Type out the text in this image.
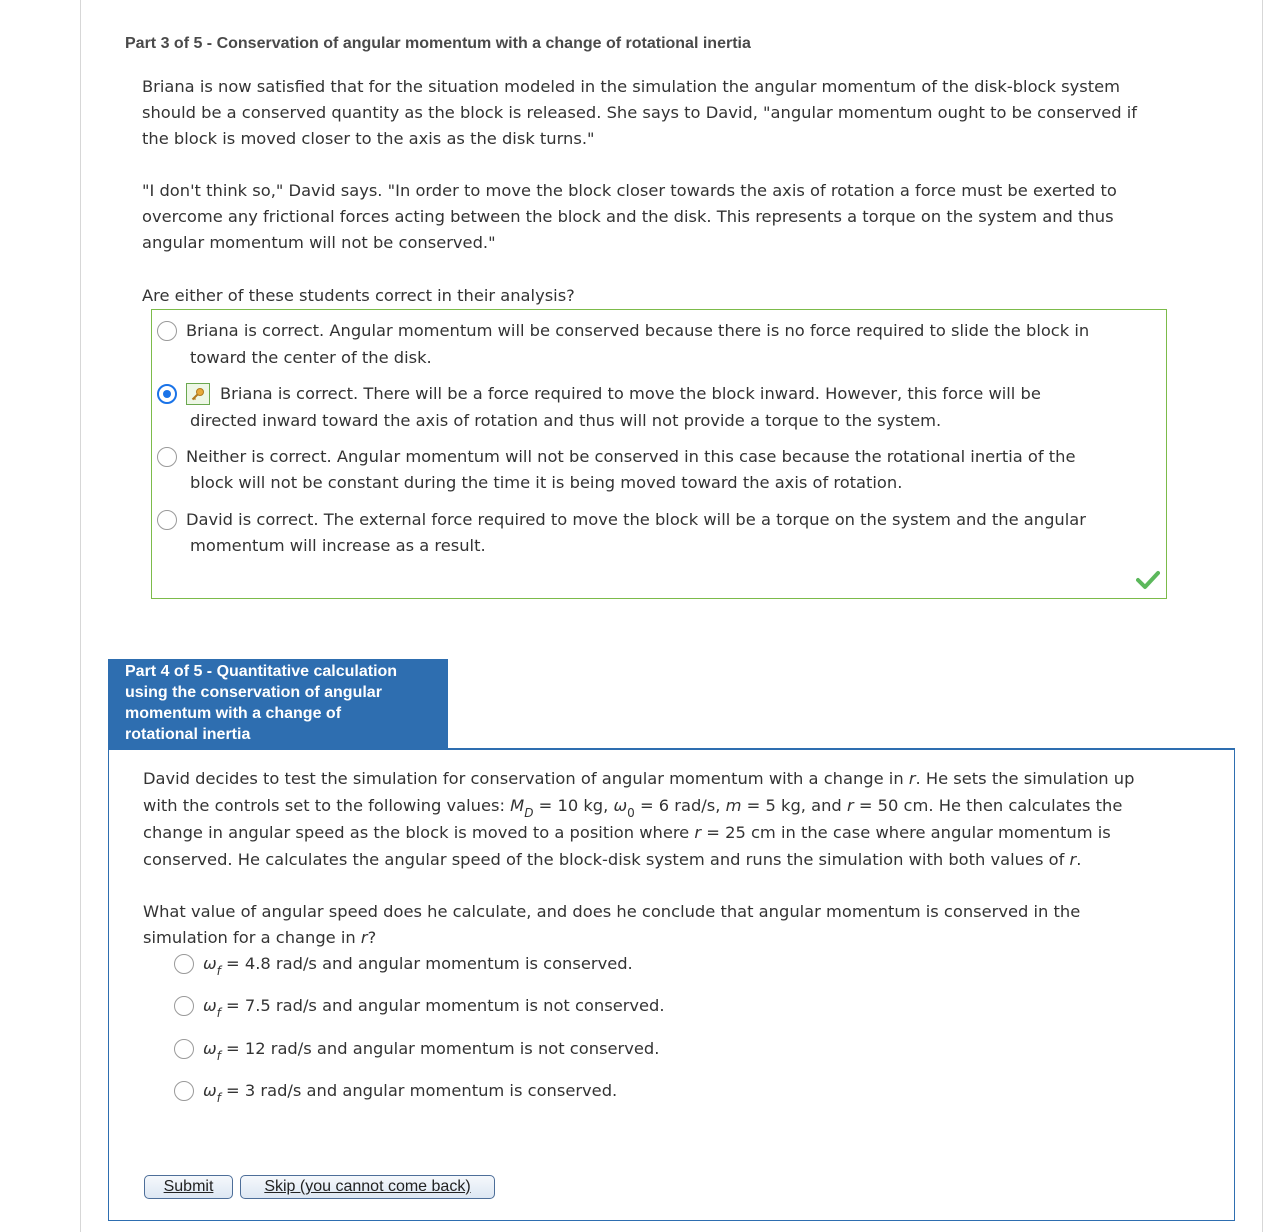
Part 3 of 5 - Conservation of angular momentum with a change of rotational inertia
Briana is now satisfied that for the situation modeled in the simulation the angular momentum of the disk-block system
should be a conserved quantity as the block is released. She says to David, "angular momentum ought to be conserved if
the block is moved closer to the axis as the disk turns."
"I don't think so," David says. "In order to move the block closer towards the axis of rotation a force must be exerted to
overcome any frictional forces acting between the block and the disk. This represents a torque on the system and thus
angular momentum will not be conserved."
Are either of these students correct in their analysis?
Briana is correct. Angular momentum will be conserved because there is no force required to slide the block in
toward the center of the disk.
Briana is correct. There will be a force required to move the block inward. However, this force will be
directed inward toward the axis of rotation and thus will not provide a torque to the system.
Neither is correct. Angular momentum will not be conserved in this case because the rotational inertia of the
block will not be constant during the time it is being moved toward the axis of rotation.
David is correct. The external force required to move the block will be a torque on the system and the angular
momentum will increase as a result.
Part 4 of 5 - Quantitative calculation
using the conservation of angular
momentum with a change of
rotational inertia
David decides to test the simulation for conservation of angular momentum with a change in r. He sets the simulation up
with the controls set to the following values: $M_D = 10$ kg, $\omega_0 = 6$ rad/s, m = 5 kg, and r = 50 cm. He then calculates the
change in angular speed as the block is moved to a position where r = 25 cm in the case where angular momentum is
conserved. He calculates the angular speed of the block-disk system and runs the simulation with both values of r.
What value of angular speed does he calculate, and does he conclude that angular momentum is conserved in the
simulation for a change in r?
$\omega_f = 4.8$ rad/s and angular momentum is conserved.
$\omega_f = 7.5$ rad/s and angular momentum is not conserved.
$\omega_f = 12$ rad/s and angular momentum is not conserved.
$\omega_f = 3$ rad/s and angular momentum is conserved.
Submit	Skip (you cannot come back)
